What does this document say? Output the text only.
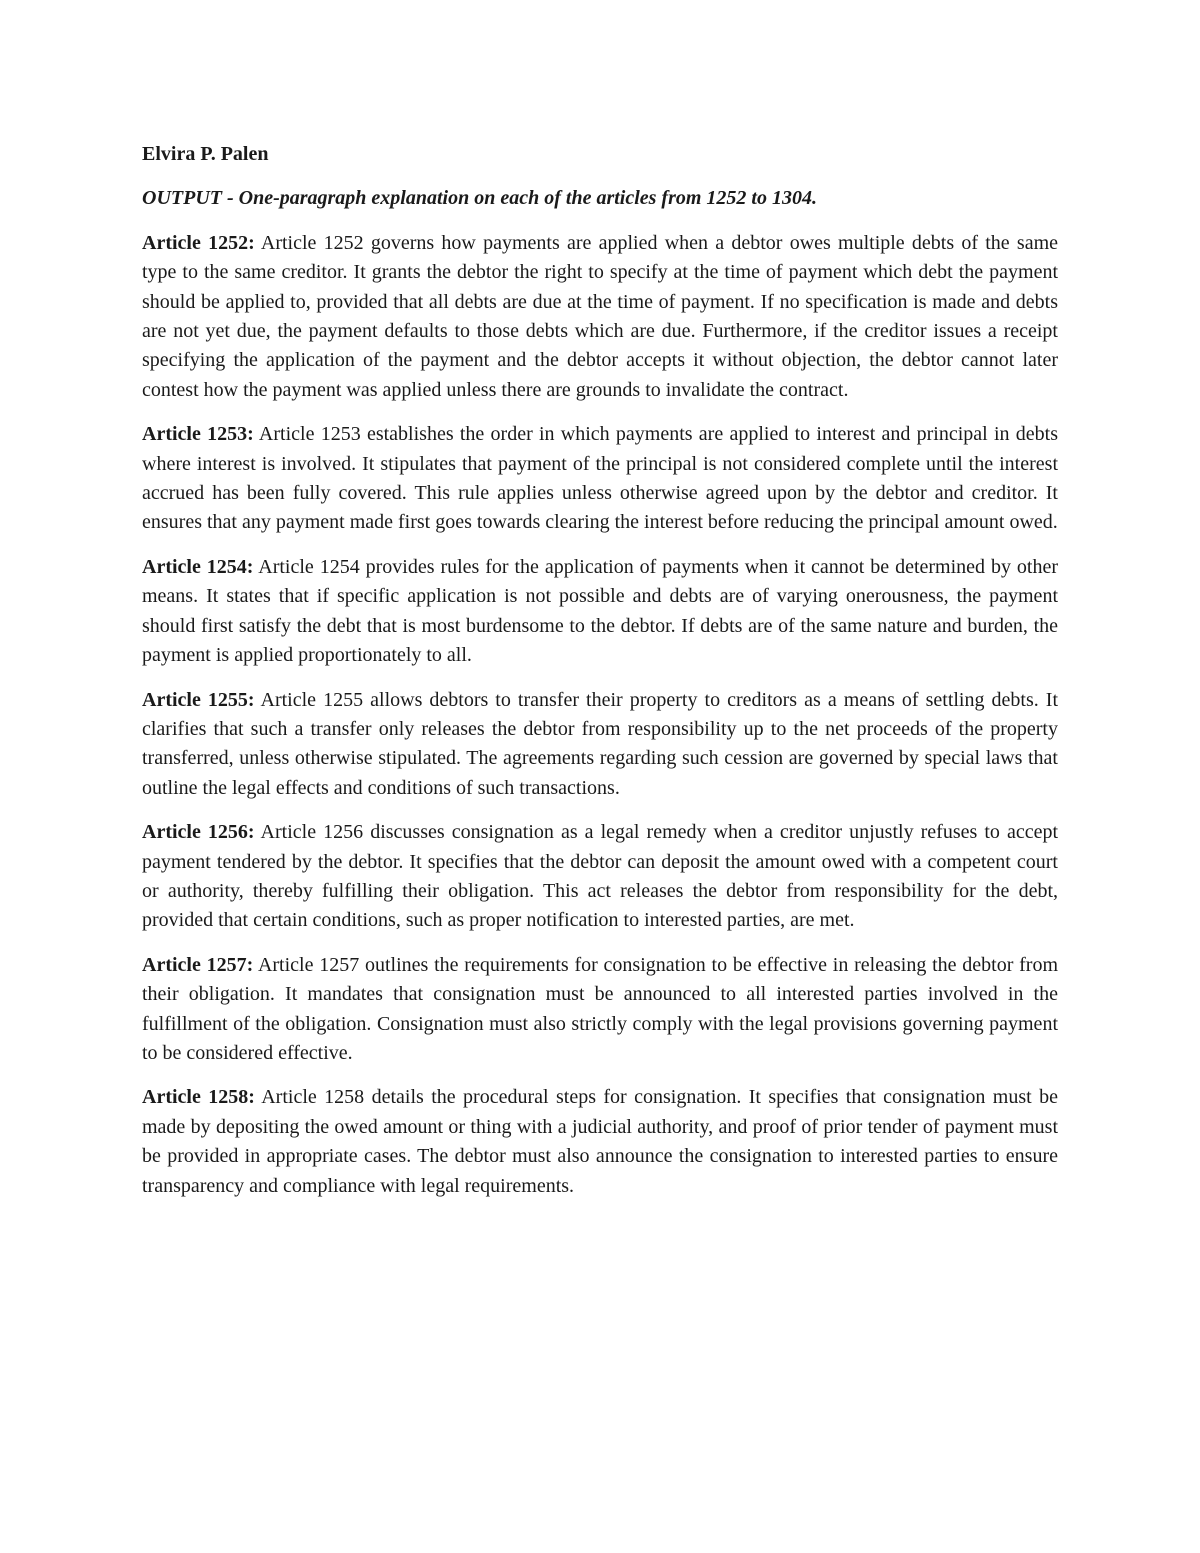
Elvira P. Palen

OUTPUT - One-paragraph explanation on each of the articles from 1252 to 1304.

Article 1252: Article 1252 governs how payments are applied when a debtor owes multiple debts of the same type to the same creditor. It grants the debtor the right to specify at the time of payment which debt the payment should be applied to, provided that all debts are due at the time of payment. If no specification is made and debts are not yet due, the payment defaults to those debts which are due. Furthermore, if the creditor issues a receipt specifying the application of the payment and the debtor accepts it without objection, the debtor cannot later contest how the payment was applied unless there are grounds to invalidate the contract.

Article 1253: Article 1253 establishes the order in which payments are applied to interest and principal in debts where interest is involved. It stipulates that payment of the principal is not considered complete until the interest accrued has been fully covered. This rule applies unless otherwise agreed upon by the debtor and creditor. It ensures that any payment made first goes towards clearing the interest before reducing the principal amount owed.

Article 1254: Article 1254 provides rules for the application of payments when it cannot be determined by other means. It states that if specific application is not possible and debts are of varying onerousness, the payment should first satisfy the debt that is most burdensome to the debtor. If debts are of the same nature and burden, the payment is applied proportionately to all.

Article 1255: Article 1255 allows debtors to transfer their property to creditors as a means of settling debts. It clarifies that such a transfer only releases the debtor from responsibility up to the net proceeds of the property transferred, unless otherwise stipulated. The agreements regarding such cession are governed by special laws that outline the legal effects and conditions of such transactions.

Article 1256: Article 1256 discusses consignation as a legal remedy when a creditor unjustly refuses to accept payment tendered by the debtor. It specifies that the debtor can deposit the amount owed with a competent court or authority, thereby fulfilling their obligation. This act releases the debtor from responsibility for the debt, provided that certain conditions, such as proper notification to interested parties, are met.

Article 1257: Article 1257 outlines the requirements for consignation to be effective in releasing the debtor from their obligation. It mandates that consignation must be announced to all interested parties involved in the fulfillment of the obligation. Consignation must also strictly comply with the legal provisions governing payment to be considered effective.

Article 1258: Article 1258 details the procedural steps for consignation. It specifies that consignation must be made by depositing the owed amount or thing with a judicial authority, and proof of prior tender of payment must be provided in appropriate cases. The debtor must also announce the consignation to interested parties to ensure transparency and compliance with legal requirements.
